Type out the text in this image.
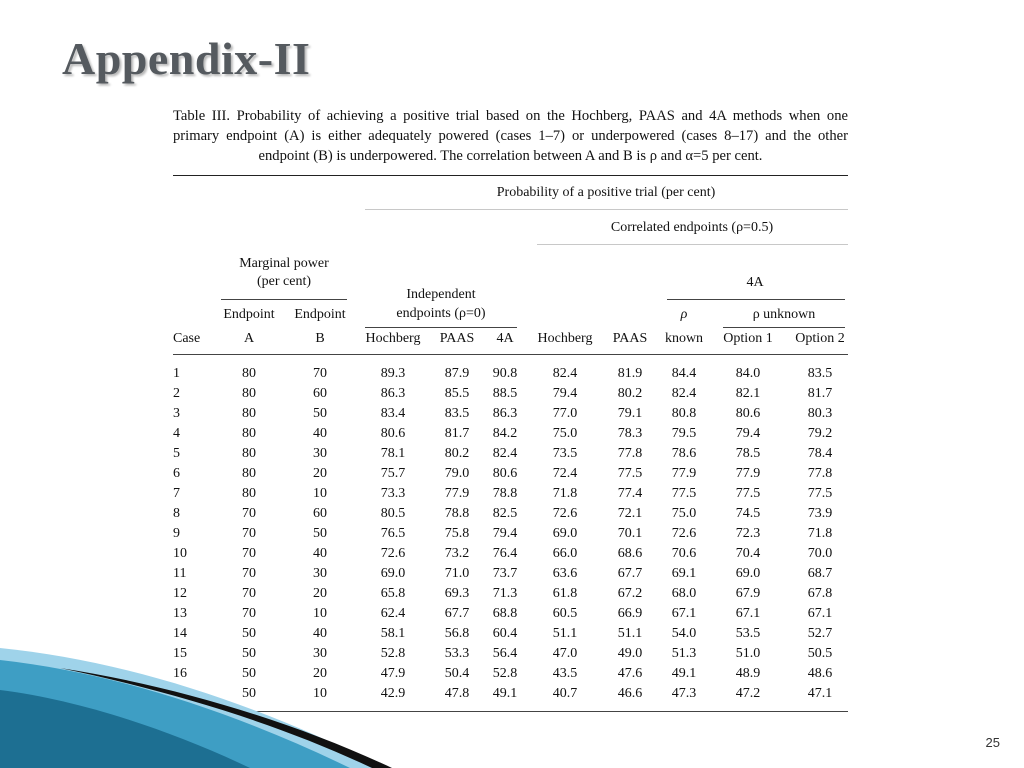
Appendix-II
Table III. Probability of achieving a positive trial based on the Hochberg, PAAS and 4A methods when one primary endpoint (A) is either adequately powered (cases 1–7) or underpowered (cases 8–17) and the other endpoint (B) is underpowered. The correlation between A and B is ρ and α=5 per cent.
Probability of a positive trial (per cent)
Correlated endpoints (ρ=0.5)
Marginal power
(per cent)
Independent
endpoints (ρ=0)
4A
Endpoint Endpoint	ρ	ρ unknown
Case	A	B	Hochberg PAAS 4A Hochberg PAAS known Option 1 Option 2
1	80	70	89.3	87.9 90.8	82.4	81.9 84.4	84.0	83.5
2	80	60	86.3	85.5 88.5	79.4	80.2 82.4	82.1	81.7
3	80	50	83.4	83.5 86.3	77.0	79.1 80.8	80.6	80.3
4	80	40	80.6	81.7 84.2	75.0	78.3 79.5	79.4	79.2
5	80	30	78.1	80.2 82.4	73.5	77.8 78.6	78.5	78.4
6	80	20	75.7	79.0 80.6	72.4	77.5 77.9	77.9	77.8
7	80	10	73.3	77.9 78.8	71.8	77.4 77.5	77.5	77.5
8	70	60	80.5	78.8 82.5	72.6	72.1 75.0	74.5	73.9
9	70	50	76.5	75.8 79.4	69.0	70.1 72.6	72.3	71.8
10	70	40	72.6	73.2 76.4	66.0	68.6 70.6	70.4	70.0
11	70	30	69.0	71.0 73.7	63.6	67.7 69.1	69.0	68.7
12	70	20	65.8	69.3 71.3	61.8	67.2 68.0	67.9	67.8
13	70	10	62.4	67.7 68.8	60.5	66.9 67.1	67.1	67.1
14	50	40	58.1	56.8 60.4	51.1	51.1 54.0	53.5	52.7
15	50	30	52.8	53.3 56.4	47.0	49.0 51.3	51.0	50.5
16	50	20	47.9	50.4 52.8	43.5	47.6 49.1	48.9	48.6
50	10	42.9	47.8 49.1	40.7	46.6 47.3	47.2	47.1
25
